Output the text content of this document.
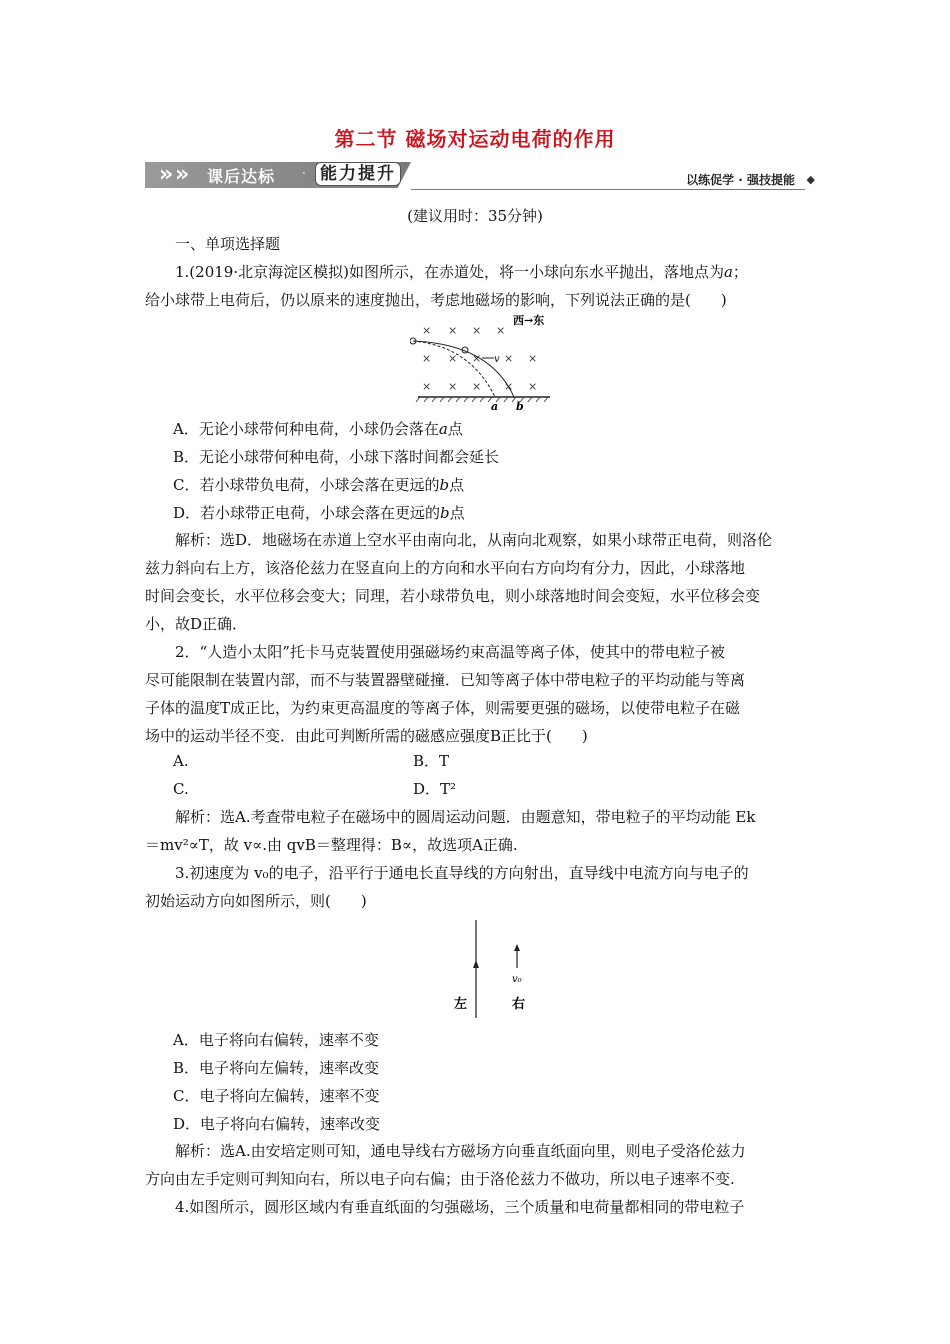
第二节 磁场对运动电荷的作用
» » 课后达标 · 能力提升	以练促学 · 强技提能 ◆
(建议用时：35分钟)
一、单项选择题
1.(2019·北京海淀区模拟)如图所示，在赤道处，将一小球向东水平抛出，落地点为a；
给小球带上电荷后，仍以原来的速度抛出，考虑地磁场的影响，下列说法正确的是(　　)
× × × ×
× × × × ×
× × × × ×
西→东
v
a b
A．无论小球带何种电荷，小球仍会落在a点
B．无论小球带何种电荷，小球下落时间都会延长
C．若小球带负电荷，小球会落在更远的b点
D．若小球带正电荷，小球会落在更远的b点
解析：选D．地磁场在赤道上空水平由南向北，从南向北观察，如果小球带正电荷，则洛伦
兹力斜向右上方，该洛伦兹力在竖直向上的方向和水平向右方向均有分力，因此，小球落地
时间会变长，水平位移会变大；同理，若小球带负电，则小球落地时间会变短，水平位移会变
小，故D正确．
2．“人造小太阳”托卡马克装置使用强磁场约束高温等离子体，使其中的带电粒子被
尽可能限制在装置内部，而不与装置器壁碰撞．已知等离子体中带电粒子的平均动能与等离
子体的温度T成正比，为约束更高温度的等离子体，则需要更强的磁场，以使带电粒子在磁
场中的运动半径不变．由此可判断所需的磁感应强度B正比于(　　)
A.	B．T
C.	D．T²
解析：选A.考查带电粒子在磁场中的圆周运动问题．由题意知，带电粒子的平均动能 Ek
＝mv²∝T，故 v∝.由 qvB＝整理得：B∝，故选项A正确.
3.初速度为 v₀的电子，沿平行于通电长直导线的方向射出，直导线中电流方向与电子的
初始运动方向如图所示，则(　　)
v₀
左	右
A．电子将向右偏转，速率不变
B．电子将向左偏转，速率改变
C．电子将向左偏转，速率不变
D．电子将向右偏转，速率改变
解析：选A.由安培定则可知，通电导线右方磁场方向垂直纸面向里，则电子受洛伦兹力
方向由左手定则可判知向右，所以电子向右偏；由于洛伦兹力不做功，所以电子速率不变.
4.如图所示，圆形区域内有垂直纸面的匀强磁场，三个质量和电荷量都相同的带电粒子
